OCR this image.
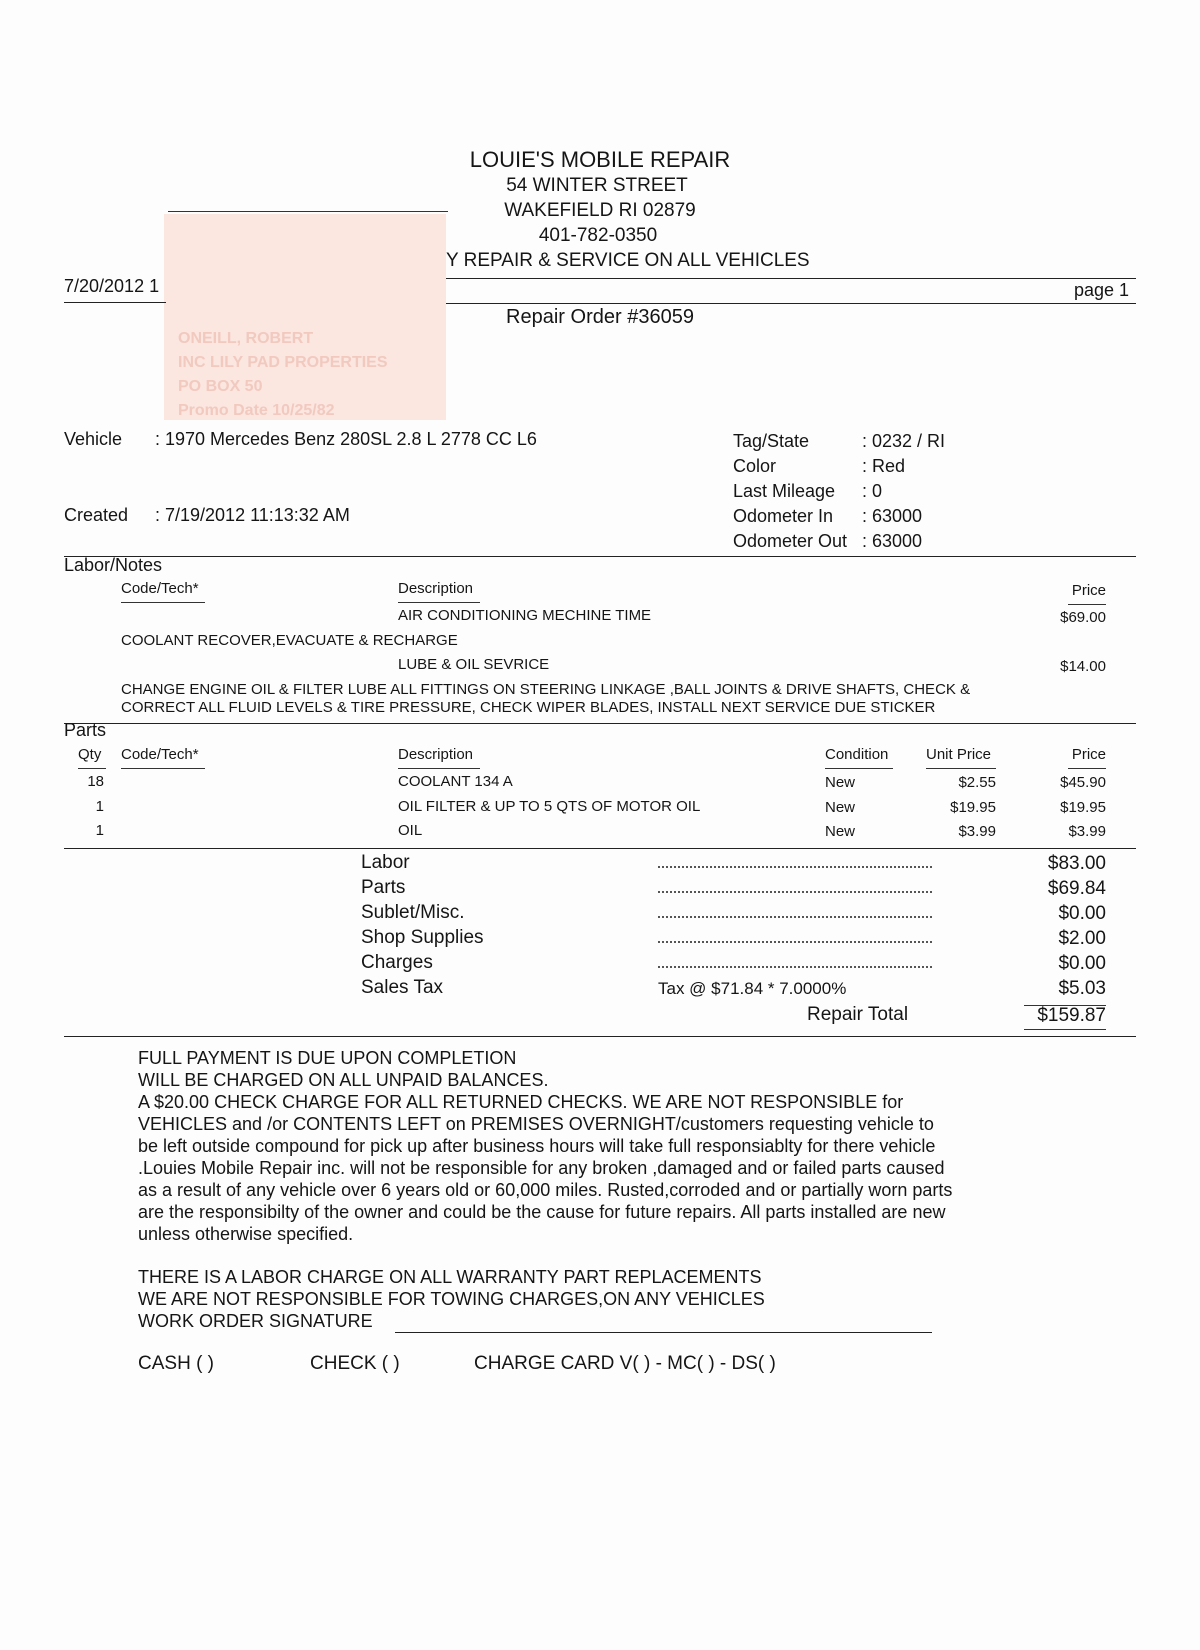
LOUIE'S MOBILE REPAIR
54 WINTER STREET
WAKEFIELD RI 02879
401-782-0350
Y REPAIR & SERVICE ON ALL VEHICLES
ONEILL, ROBERT
INC LILY PAD PROPERTIES
PO BOX 50
Promo Date 10/25/82
7/20/2012 1	page 1
Repair Order #36059
Vehicle : 1970 Mercedes Benz 280SL 2.8 L 2778 CC L6
Created : 7/19/2012 11:13:32 AM
Tag/State	: 0232 / RI
Color	: Red
Last Mileage : 0
Odometer In : 63000
Odometer Out : 63000
Labor/Notes
Code/Tech*	Description	Price
AIR CONDITIONING MECHINE TIME	$69.00
COOLANT RECOVER,EVACUATE & RECHARGE
LUBE & OIL SEVRICE	$14.00
CHANGE ENGINE OIL & FILTER LUBE ALL FITTINGS ON STEERING LINKAGE ,BALL JOINTS & DRIVE SHAFTS, CHECK &
CORRECT ALL FLUID LEVELS & TIRE PRESSURE, CHECK WIPER BLADES, INSTALL NEXT SERVICE DUE STICKER
Parts
Qty Code/Tech*	Description	Condition	Unit Price	Price
18	COOLANT 134 A	New	$2.55	$45.90
1	OIL FILTER & UP TO 5 QTS OF MOTOR OIL	New	$19.95	$19.95
1	OIL	New	$3.99	$3.99
Labor	$83.00
Parts	$69.84
Sublet/Misc.	$0.00
Shop Supplies	$2.00
Charges	$0.00
Sales Tax	Tax @ $71.84 * 7.0000%	$5.03
Repair Total	$159.87
FULL PAYMENT IS DUE UPON COMPLETION
WILL BE CHARGED ON ALL UNPAID BALANCES.
A $20.00 CHECK CHARGE FOR ALL RETURNED CHECKS. WE ARE NOT RESPONSIBLE for
VEHICLES and /or CONTENTS LEFT on PREMISES OVERNIGHT/customers requesting vehicle to
be left outside compound for pick up after business hours will take full responsiablty for there vehicle
.Louies Mobile Repair inc. will not be responsible for any broken ,damaged and or failed parts caused
as a result of any vehicle over 6 years old or 60,000 miles. Rusted,corroded and or partially worn parts
are the responsibilty of the owner and could be the cause for future repairs. All parts installed are new
unless otherwise specified.
THERE IS A LABOR CHARGE ON ALL WARRANTY PART REPLACEMENTS
WE ARE NOT RESPONSIBLE FOR TOWING CHARGES,ON ANY VEHICLES
WORK ORDER SIGNATURE
CASH ( )	CHECK ( )	CHARGE CARD V( ) - MC( ) - DS( )
